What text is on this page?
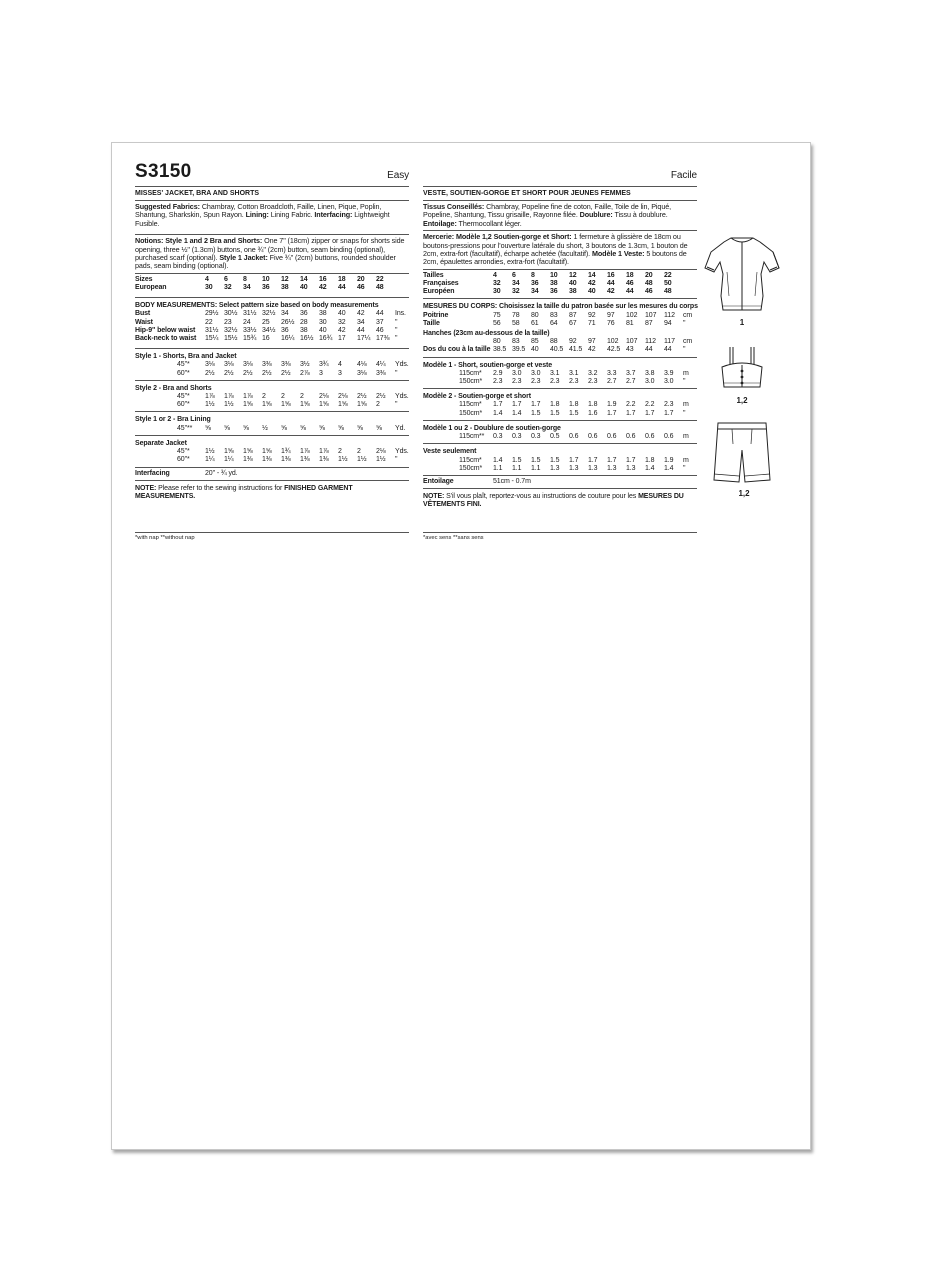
S3150	Easy
MISSES' JACKET, BRA AND SHORTS
Suggested Fabrics: Chambray, Cotton Broadcloth, Faille, Linen, Pique, Poplin, Shantung, Sharkskin, Spun Rayon. Lining: Lining Fabric. Interfacing: Lightweight Fusible.
Notions: Style 1 and 2 Bra and Shorts: One 7" (18cm) zipper or snaps for shorts side opening, three ½" (1.3cm) buttons, one ¾" (2cm) button, seam binding (optional), purchased scarf (optional). Style 1 Jacket: Five ¾" (2cm) buttons, rounded shoulder pads, seam binding (optional).
Sizes	4	6	8	10	12	14	16	18	20	22	
European	30	32	34	36	38	40	42	44	46	48	

BODY MEASUREMENTS: Select pattern size based on body measurements											
Bust	29½	30½	31½	32½	34	36	38	40	42	44	Ins.
Waist	22	23	24	25	26½	28	30	32	34	37	"
Hip-9" below waist	31½	32½	33½	34½	36	38	40	42	44	46	"
Back-neck to waist	15¼	15½	15¾	16	16¼	16½	16¾	17	17¼	17⅜	"

Style 1 - Shorts, Bra and Jacket											
45"*	3⅛	3⅛	3⅛	3⅜	3⅜	3½	3¾	4	4⅛	4¼	Yds.
60"*	2½	2½	2½	2½	2½	2⅞	3	3	3⅛	3⅜	"

Style 2 - Bra and Shorts											
45"*	1⅞	1⅞	1⅞	2	2	2	2⅛	2⅛	2½	2½	Yds.
60"*	1½	1½	1⅝	1⅝	1⅝	1⅝	1⅝	1⅝	1⅝	2	"

Style 1 or 2 - Bra Lining											
45"**	⅝	⅝	⅝	½	⅝	⅝	⅝	⅝	⅝	⅝	Yd.

Separate Jacket											
45"*	1½	1⅝	1⅝	1⅝	1¾	1⅞	1⅞	2	2	2⅛	Yds.
60"*	1¼	1¼	1⅜	1⅜	1⅜	1⅜	1⅜	1½	1½	1½	"

Interfacing	20" - ¾ yd.										

NOTE: Please refer to the sewing instructions for FINISHED GARMENT MEASUREMENTS.											
Facile
VESTE, SOUTIEN-GORGE ET SHORT POUR JEUNES FEMMES
Tissus Conseillés: Chambray, Popeline fine de coton, Faille, Toile de lin, Piqué, Popeline, Shantung, Tissu grisaille, Rayonne filée. Doublure: Tissu à doublure. Entoilage: Thermocollant léger.
Mercerie: Modèle 1,2 Soutien-gorge et Short: 1 fermeture à glissière de 18cm ou boutons-pressions pour l'ouverture latérale du short, 3 boutons de 1.3cm, 1 bouton de 2cm, extra-fort (facultatif), écharpe achetée (facultatif). Modèle 1 Veste: 5 boutons de 2cm, épaulettes arrondies, extra-fort (facultatif).
Tailles	4	6	8	10	12	14	16	18	20	22	
Françaises	32	34	36	38	40	42	44	46	48	50	
Européen	30	32	34	36	38	40	42	44	46	48	

MESURES DU CORPS: Choisissez la taille du patron basée sur les mesures du corps											
Poitrine	75	78	80	83	87	92	97	102	107	112	cm
Taille	56	58	61	64	67	71	76	81	87	94	"
Hanches (23cm au-dessous de la taille)											
	80	83	85	88	92	97	102	107	112	117	cm
Dos du cou à la taille	38.5	39.5	40	40.5	41.5	42	42.5	43	44	44	"

Modèle 1 - Short, soutien-gorge et veste											
115cm*	2.9	3.0	3.0	3.1	3.1	3.2	3.3	3.7	3.8	3.9	m
150cm*	2.3	2.3	2.3	2.3	2.3	2.3	2.7	2.7	3.0	3.0	"

Modèle 2 - Soutien-gorge et short											
115cm*	1.7	1.7	1.7	1.8	1.8	1.8	1.9	2.2	2.2	2.3	m
150cm*	1.4	1.4	1.5	1.5	1.5	1.6	1.7	1.7	1.7	1.7	"

Modèle 1 ou 2 - Doublure de soutien-gorge											
115cm**	0.3	0.3	0.3	0.5	0.6	0.6	0.6	0.6	0.6	0.6	m

Veste seulement											
115cm*	1.4	1.5	1.5	1.5	1.7	1.7	1.7	1.7	1.8	1.9	m
150cm*	1.1	1.1	1.1	1.3	1.3	1.3	1.3	1.3	1.4	1.4	"

Entoilage	51cm - 0.7m										

NOTE: S'il vous plaît, reportez-vous au instructions de couture pour les MESURES DU VÊTEMENTS FINI.											
*with nap **without nap	*avec sens **sans sens
1
1,2
1,2
